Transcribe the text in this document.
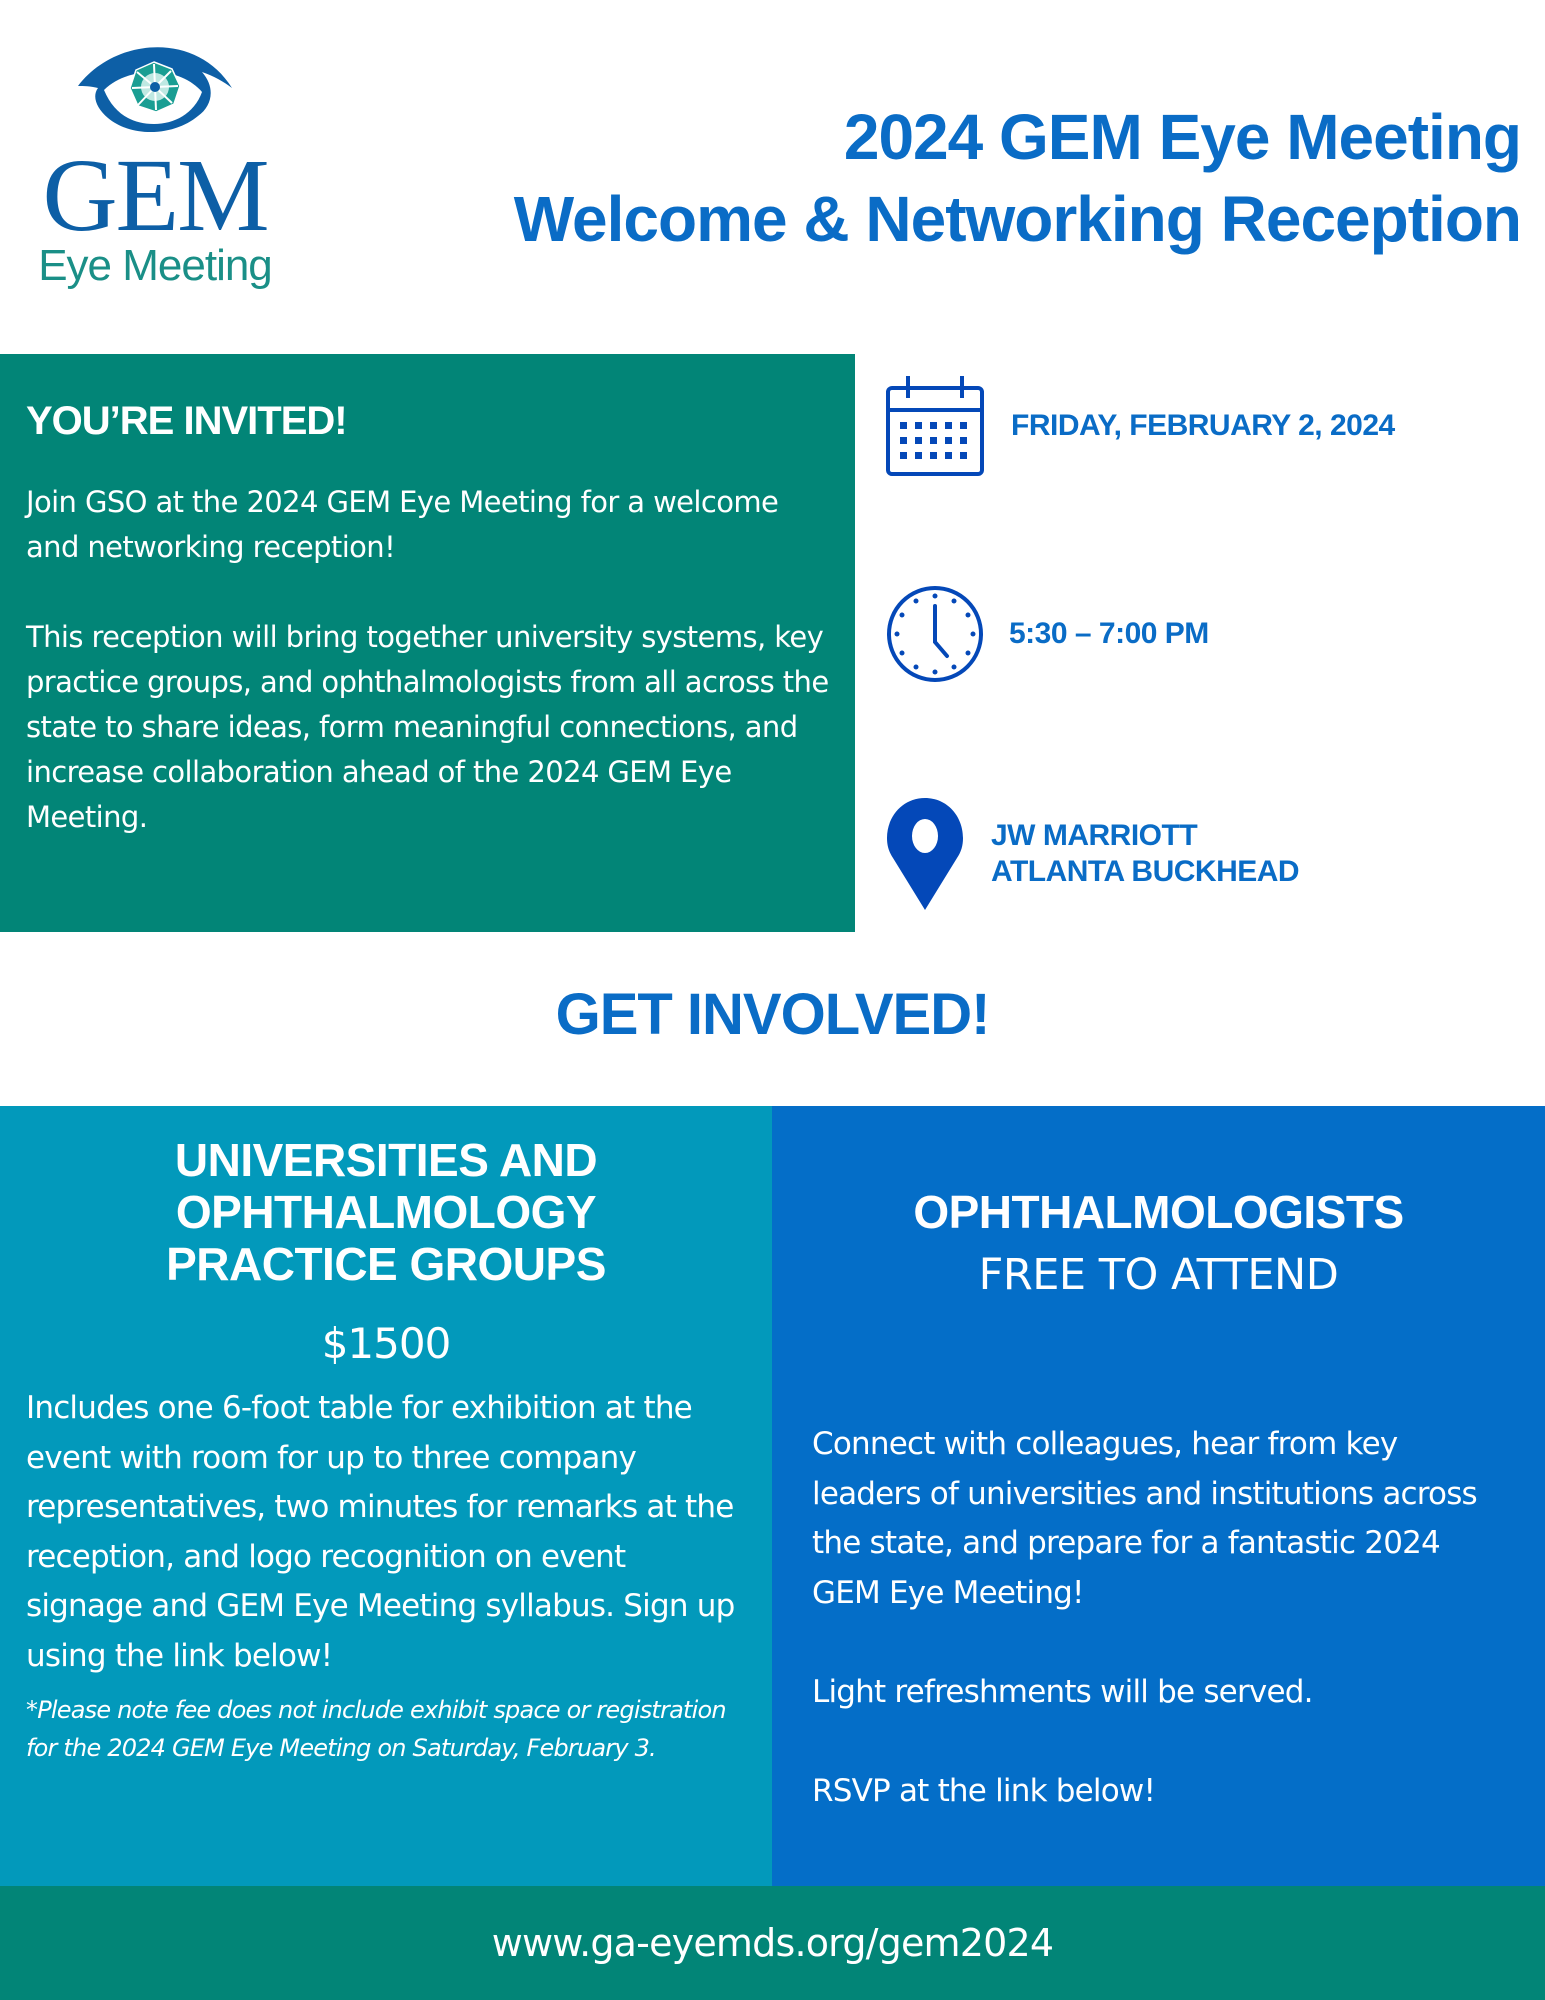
GEM
Eye Meeting
2024 GEM Eye Meeting
Welcome & Networking Reception
YOU’RE INVITED!

Join GSO at the 2024 GEM Eye Meeting for a welcome and networking reception!

This reception will bring together university systems, key practice groups, and ophthalmologists from all across the state to share ideas, form meaningful connections, and increase collaboration ahead of the 2024 GEM Eye Meeting.

FRIDAY, FEBRUARY 2, 2024
5:30 – 7:00 PM
JW MARRIOTT
ATLANTA BUCKHEAD
GET INVOLVED!
UNIVERSITIES AND
OPHTHALMOLOGY
PRACTICE GROUPS
$1500

Includes one 6-foot table for exhibition at the event with room for up to three company representatives, two minutes for remarks at the reception, and logo recognition on event signage and GEM Eye Meeting syllabus. Sign up using the link below!

*Please note fee does not include exhibit space or registration for the 2024 GEM Eye Meeting on Saturday, February 3.

OPHTHALMOLOGISTS
FREE TO ATTEND

Connect with colleagues, hear from key leaders of universities and institutions across the state, and prepare for a fantastic 2024 GEM Eye Meeting!

Light refreshments will be served.

RSVP at the link below!

www.ga-eyemds.org/gem2024
